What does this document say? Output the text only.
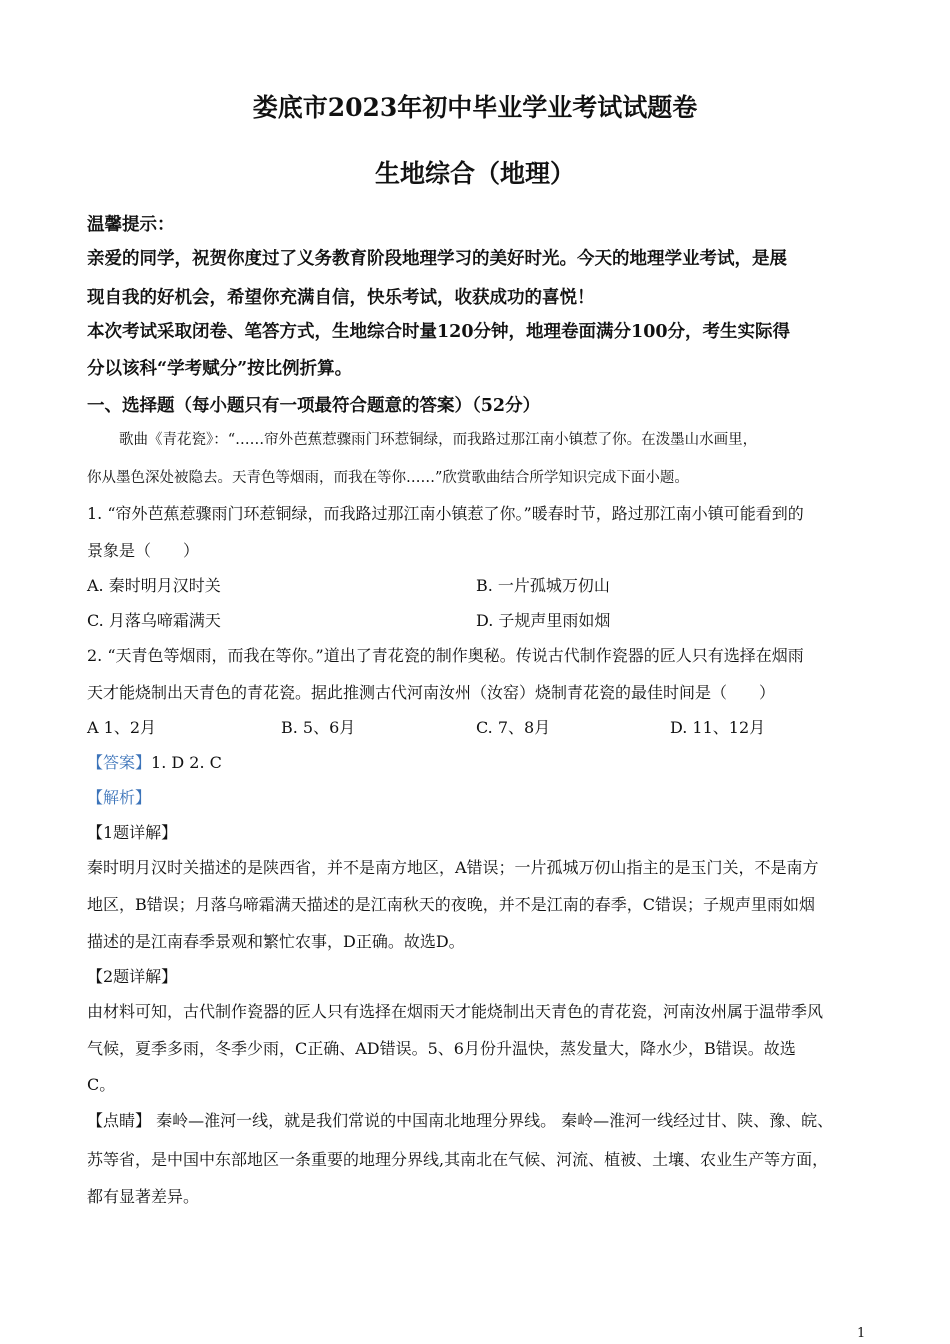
娄底市2023年初中毕业学业考试试题卷
生地综合（地理）
温馨提示：
亲爱的同学，祝贺你度过了义务教育阶段地理学习的美好时光。今天的地理学业考试，是展
现自我的好机会，希望你充满自信，快乐考试，收获成功的喜悦！
本次考试采取闭卷、笔答方式，生地综合时量120分钟，地理卷面满分100分，考生实际得
分以该科“学考赋分”按比例折算。
一、选择题（每小题只有一项最符合题意的答案）（52分）
歌曲《青花瓷》：“……帘外芭蕉惹骤雨门环惹铜绿，而我路过那江南小镇惹了你。在泼墨山水画里，
你从墨色深处被隐去。天青色等烟雨，而我在等你……”欣赏歌曲结合所学知识完成下面小题。
1. “帘外芭蕉惹骤雨门环惹铜绿，而我路过那江南小镇惹了你。”暖春时节，路过那江南小镇可能看到的
景象是（　　）
A. 秦时明月汉时关	B. 一片孤城万仞山
C. 月落乌啼霜满天	D. 子规声里雨如烟
2. “天青色等烟雨，而我在等你。”道出了青花瓷的制作奥秘。传说古代制作瓷器的匠人只有选择在烟雨
天才能烧制出天青色的青花瓷。据此推测古代河南汝州（汝窑）烧制青花瓷的最佳时间是（　　）
A 1、2月	B. 5、6月	C. 7、8月	D. 11、12月
【答案】1. D 2. C
【解析】
【1题详解】
秦时明月汉时关描述的是陕西省，并不是南方地区，A错误；一片孤城万仞山指主的是玉门关，不是南方
地区，B错误；月落乌啼霜满天描述的是江南秋天的夜晚，并不是江南的春季，C错误；子规声里雨如烟
描述的是江南春季景观和繁忙农事，D正确。故选D。
【2题详解】
由材料可知，古代制作瓷器的匠人只有选择在烟雨天才能烧制出天青色的青花瓷，河南汝州属于温带季风
气候，夏季多雨，冬季少雨，C正确、AD错误。5、6月份升温快，蒸发量大，降水少，B错误。故选
C。
【点睛】 秦岭—淮河一线，就是我们常说的中国南北地理分界线。 秦岭—淮河一线经过甘、陕、豫、皖、
苏等省，是中国中东部地区一条重要的地理分界线,其南北在气候、河流、植被、土壤、农业生产等方面，
都有显著差异。
1
